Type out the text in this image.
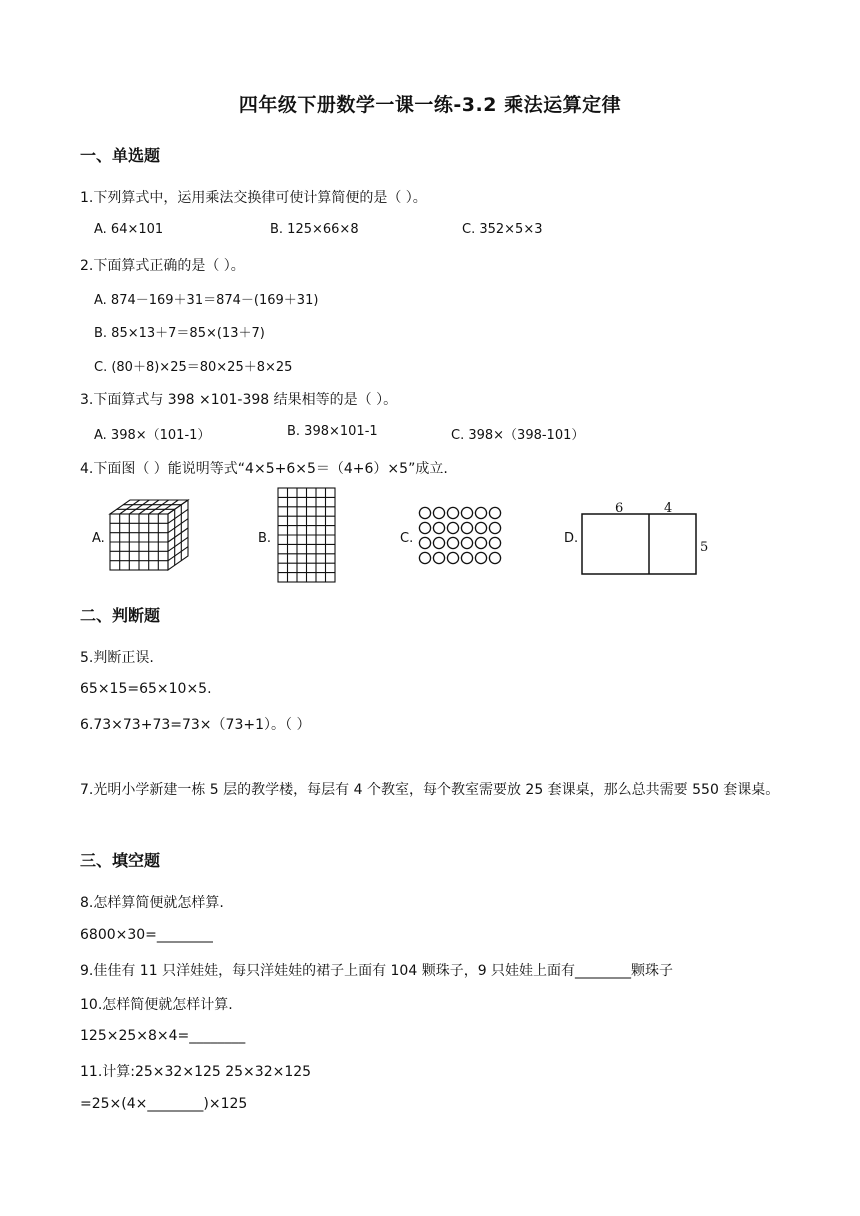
四年级下册数学一课一练-3.2 乘法运算定律
一、单选题
1.下列算式中，运用乘法交换律可使计算简便的是（ ）。
A. 64×101	B. 125×66×8	C. 352×5×3
2.下面算式正确的是（ ）。
A. 874－169＋31＝874－(169＋31)
B. 85×13＋7＝85×(13＋7)
C. (80＋8)×25＝80×25＋8×25
3.下面算式与 398 ×101-398 结果相等的是（ ）。
A. 398×（101-1）	B. 398×101-1	C. 398×（398-101）
4.下面图（ ）能说明等式“4×5+6×5＝（4+6）×5”成立.
A.	B.	C.	D.
6	4
5
二、判断题
5.判断正误.
65×15=65×10×5.
6.73×73+73=73×（73+1）。（ ）
7.光明小学新建一栋 5 层的教学楼，每层有 4 个教室，每个教室需要放 25 套课桌，那么总共需要 550 套课桌。
三、填空题
8.怎样算简便就怎样算.
6800×30=________
9.佳佳有 11 只洋娃娃，每只洋娃娃的裙子上面有 104 颗珠子，9 只娃娃上面有________颗珠子
10.怎样简便就怎样计算.
125×25×8×4=________
11.计算:25×32×125 25×32×125
=25×(4×________)×125
